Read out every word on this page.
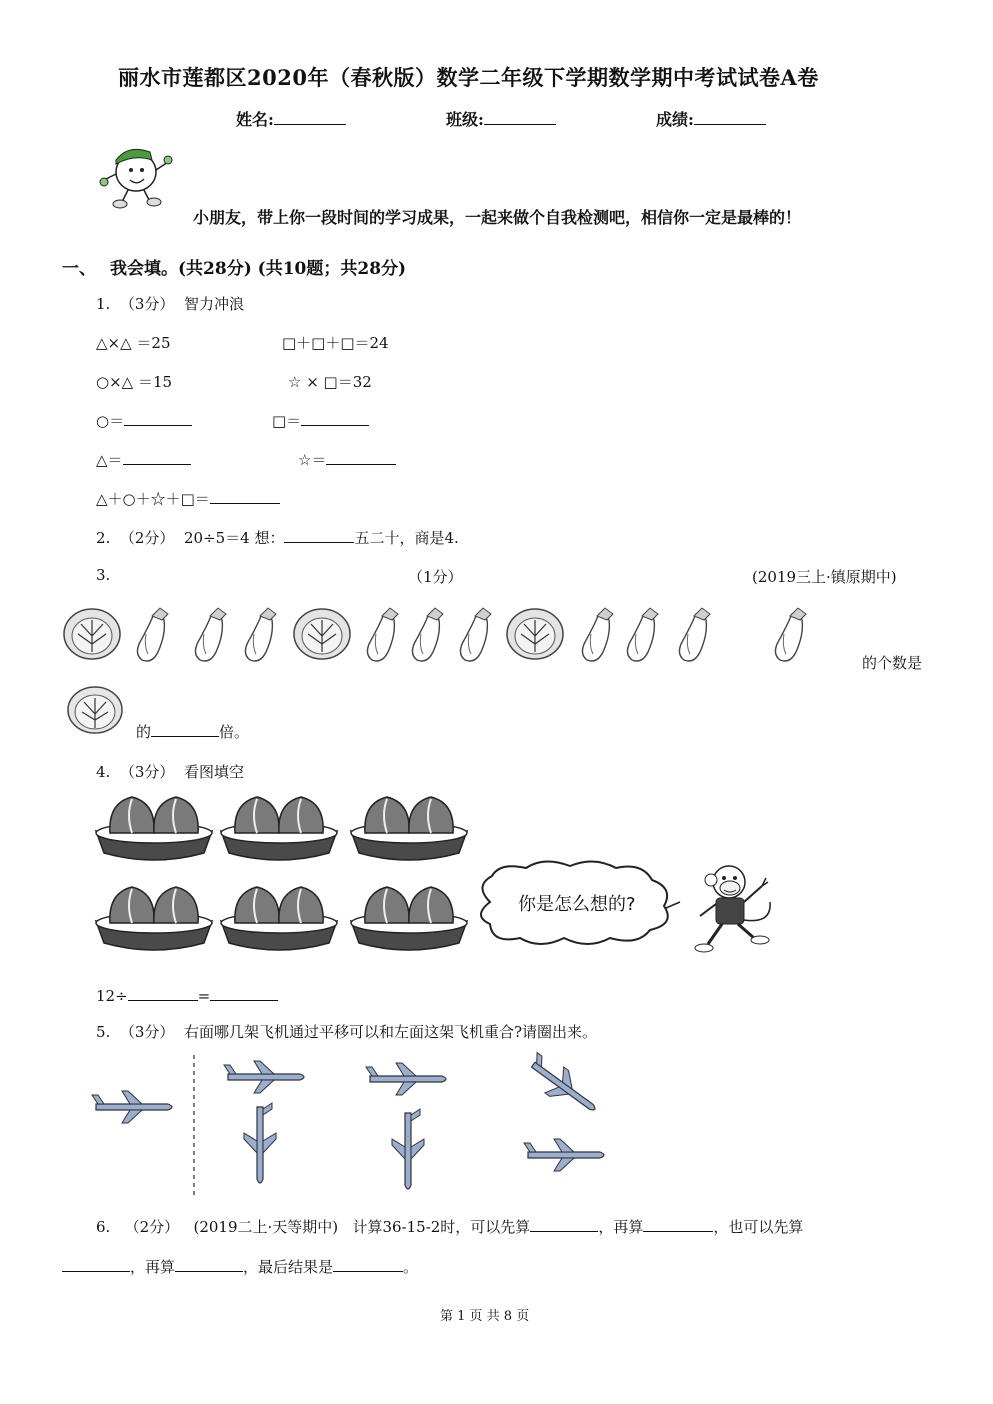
丽水市莲都区2020年（春秋版）数学二年级下学期数学期中考试试卷A卷
姓名:	班级:	成绩:
小朋友，带上你一段时间的学习成果，一起来做个自我检测吧，相信你一定是最棒的！
一、 我会填。(共28分) (共10题；共28分)
1. （3分） 智力冲浪
△×△ ＝25	□＋□＋□＝24
○×△ ＝15	☆ × □＝32
○＝	□＝
△＝	☆＝
△＋○＋☆＋□＝
2. （2分） 20÷5＝4 想：	五二十，商是4.
3.	（1分）	(2019三上·镇原期中)
的个数是
的	倍。
4. （3分） 看图填空
你是怎么想的?
12÷	=
5. （3分） 右面哪几架飞机通过平移可以和左面这架飞机重合?请圈出来。
6. （2分） (2019二上·天等期中) 计算36-15-2时，可以先算	，再算	，也可以先算
，再算	，最后结果是	。
第 1 页 共 8 页
